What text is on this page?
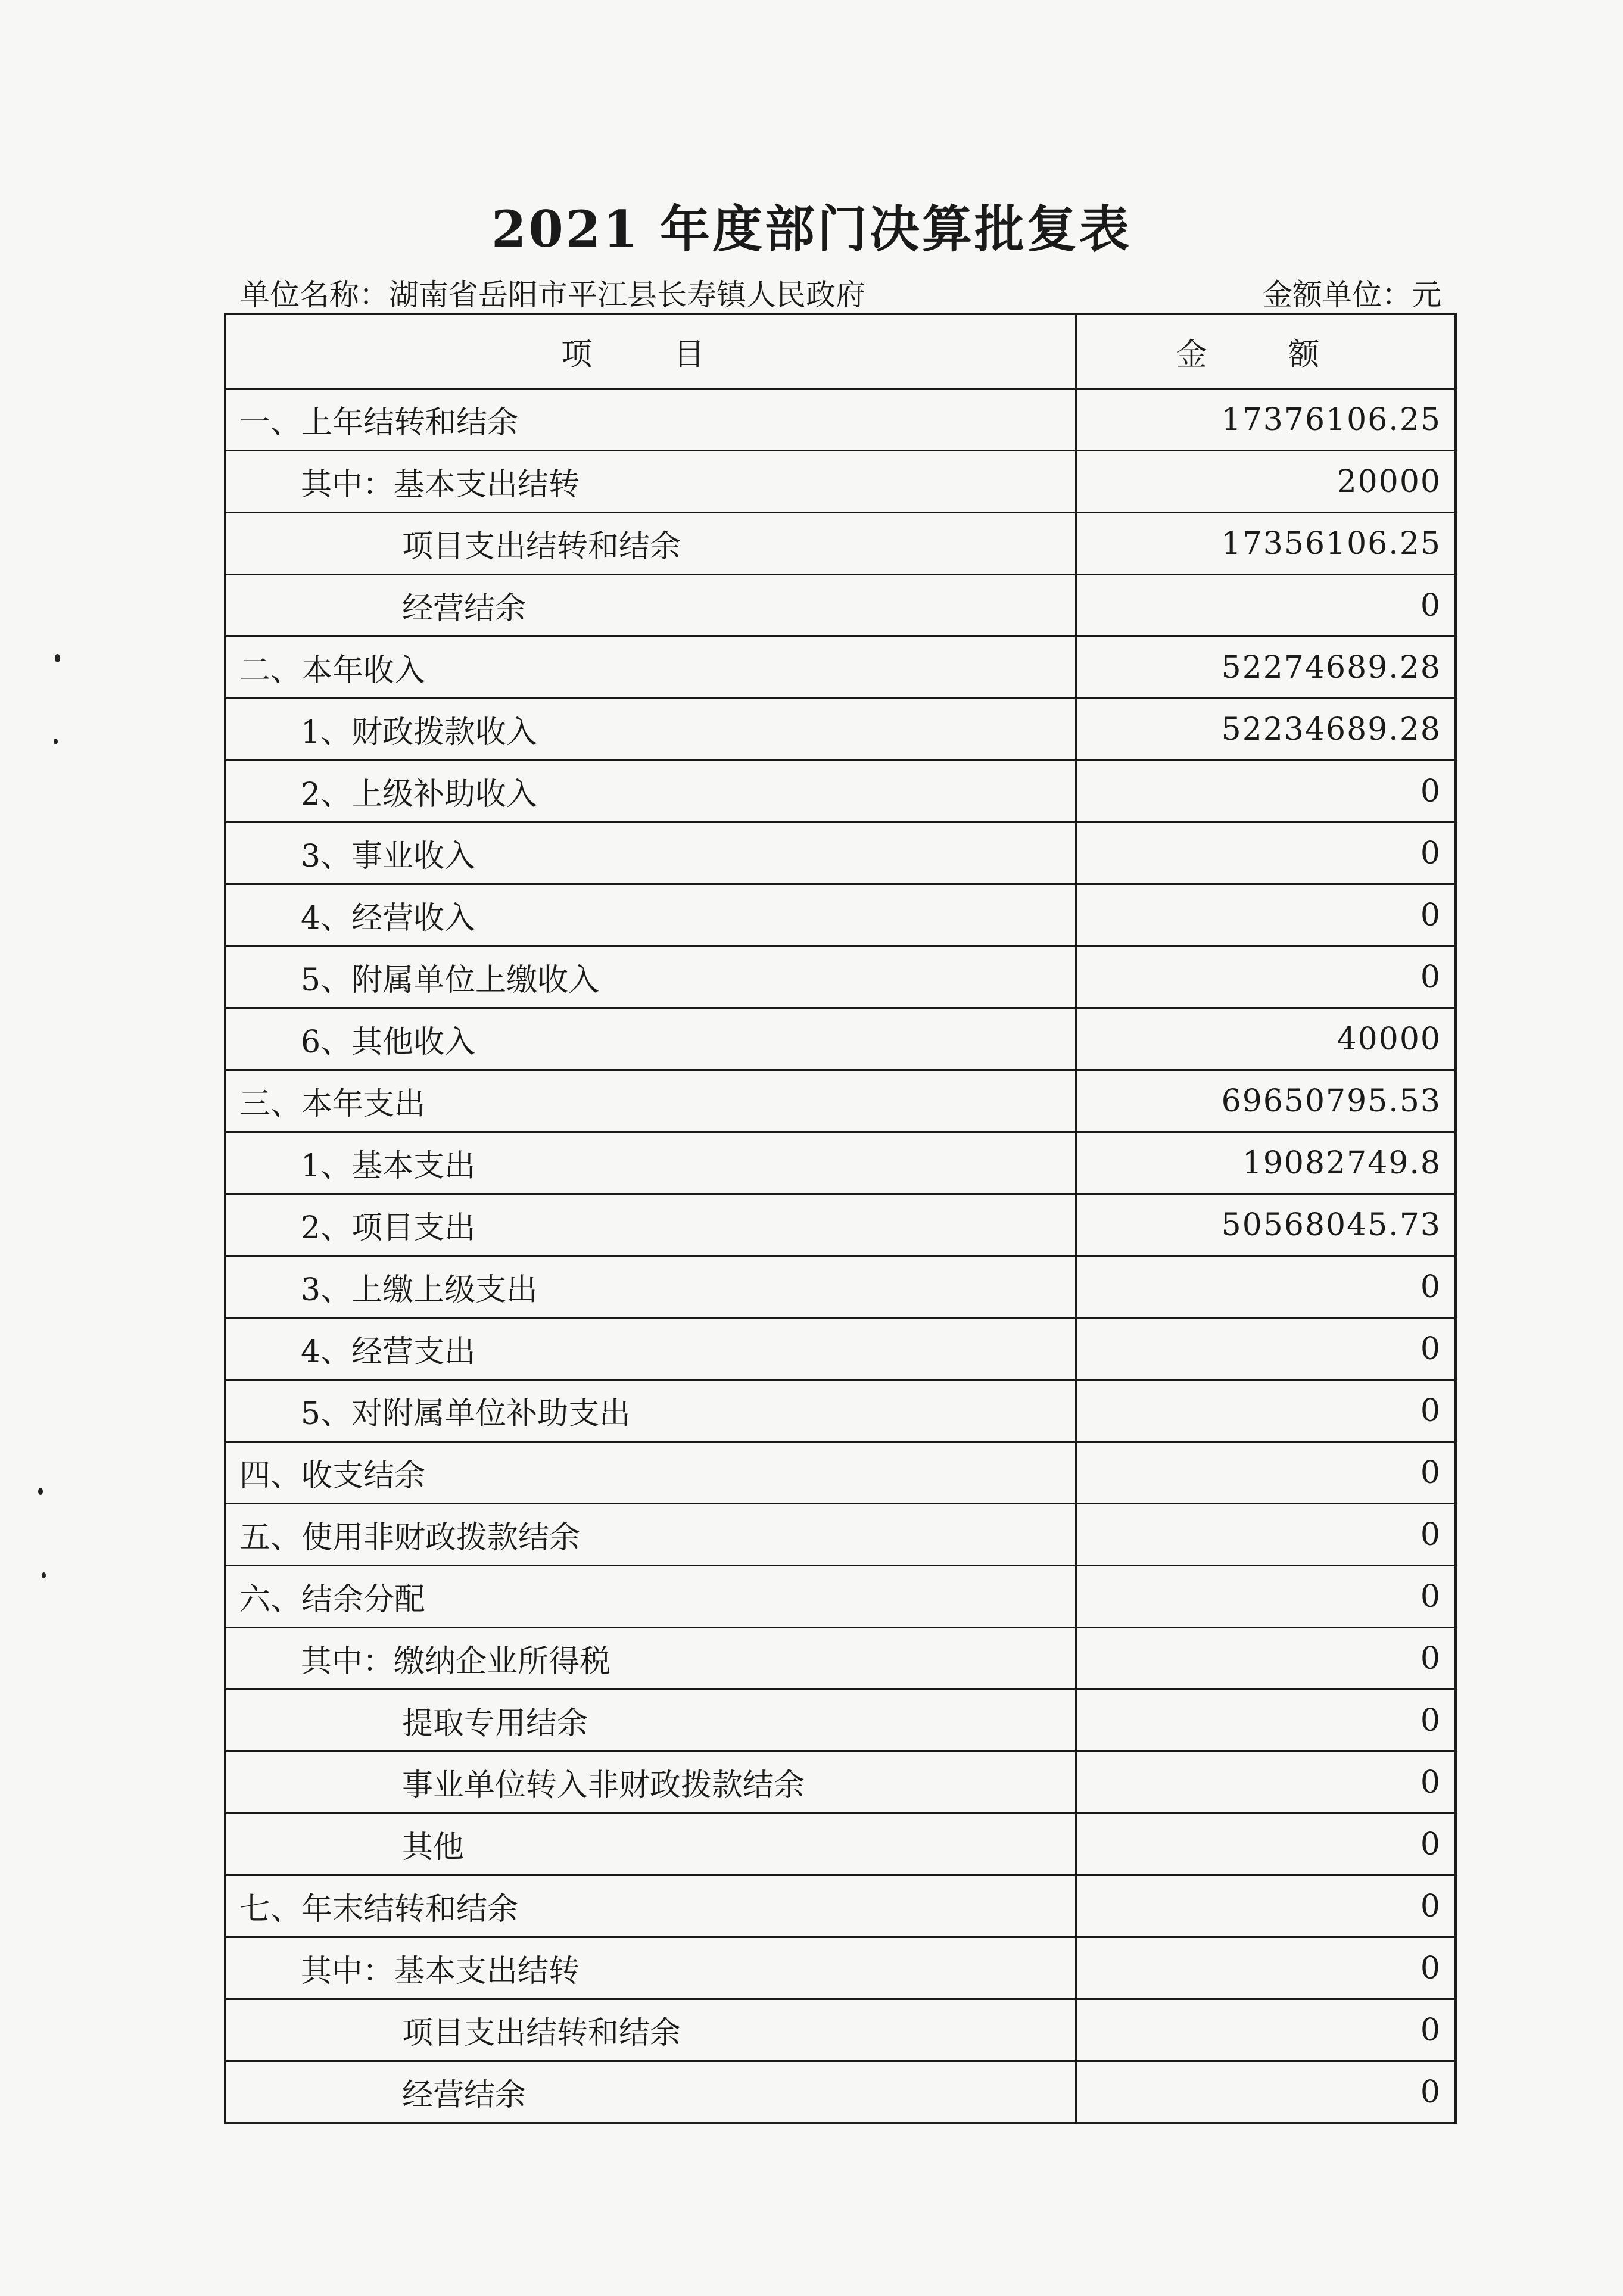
2021 年度部门决算批复表
单位名称：湖南省岳阳市平江县长寿镇人民政府	金额单位：元
项 目	金 额
一、上年结转和结余	17376106.25
其中：基本支出结转	20000
项目支出结转和结余	17356106.25
经营结余	0
二、本年收入	52274689.28
1、财政拨款收入	52234689.28
2、上级补助收入	0
3、事业收入	0
4、经营收入	0
5、附属单位上缴收入	0
6、其他收入	40000
三、本年支出	69650795.53
1、基本支出	19082749.8
2、项目支出	50568045.73
3、上缴上级支出	0
4、经营支出	0
5、对附属单位补助支出	0
四、收支结余	0
五、使用非财政拨款结余	0
六、结余分配	0
其中：缴纳企业所得税	0
提取专用结余	0
事业单位转入非财政拨款结余	0
其他	0
七、年末结转和结余	0
其中：基本支出结转	0
项目支出结转和结余	0
经营结余	0
